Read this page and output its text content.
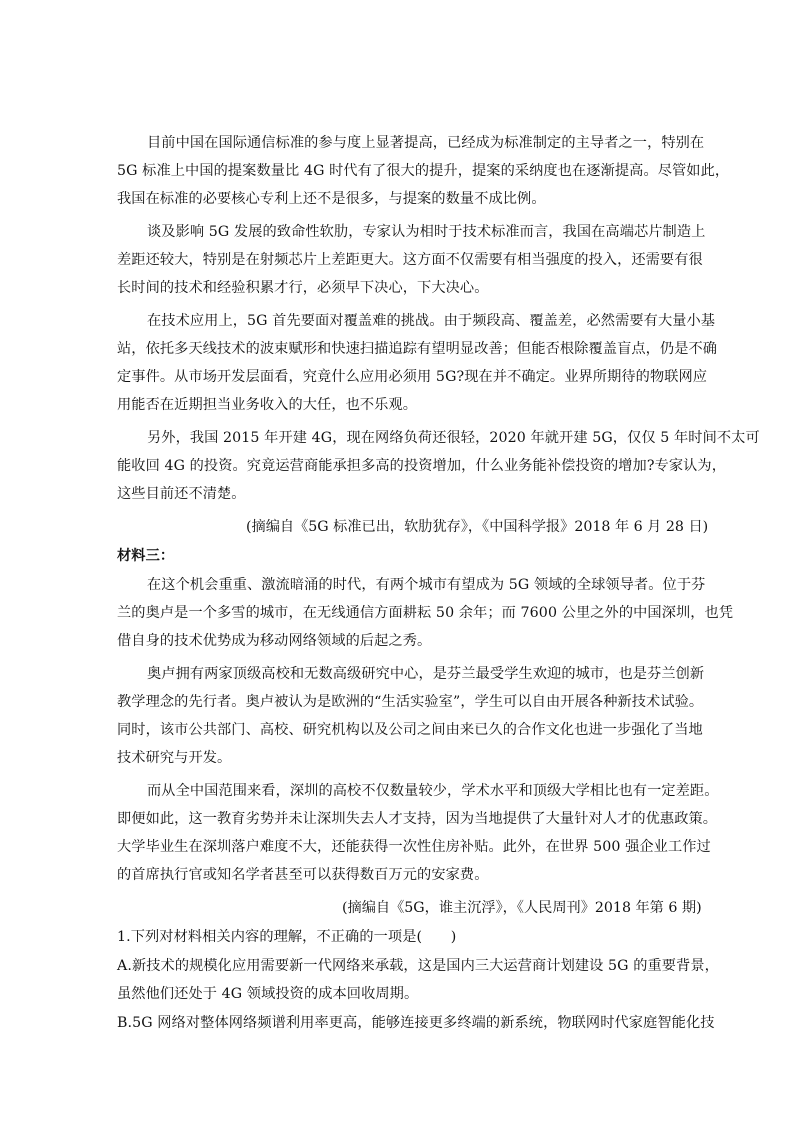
目前中国在国际通信标准的参与度上显著提高，已经成为标准制定的主导者之一，特别在

5G 标准上中国的提案数量比 4G 时代有了很大的提升，提案的采纳度也在逐渐提高。尽管如此，

我国在标准的必要核心专利上还不是很多，与提案的数量不成比例。

谈及影响 5G 发展的致命性软肋，专家认为相时于技术标准而言，我国在高端芯片制造上

差距还较大，特别是在射频芯片上差距更大。这方面不仅需要有相当强度的投入，还需要有很

长时间的技术和经验积累才行，必须早下决心，下大决心。

在技术应用上，5G 首先要面对覆盖难的挑战。由于频段高、覆盖差，必然需要有大量小基

站，依托多天线技术的波束赋形和快速扫描追踪有望明显改善；但能否根除覆盖盲点，仍是不确

定事件。从市场开发层面看，究竟什么应用必须用 5G?现在并不确定。业界所期待的物联网应

用能否在近期担当业务收入的大任，也不乐观。

另外，我国 2015 年开建 4G，现在网络负荷还很轻，2020 年就开建 5G，仅仅 5 年时间不太可

能收回 4G 的投资。究竟运营商能承担多高的投资增加，什么业务能补偿投资的增加?专家认为，

这些目前还不清楚。

(摘编自《5G 标准已出，软肋犹存》，《中国科学报》2018 年 6 月 28 日)

材料三：

在这个机会重重、激流暗涌的时代，有两个城市有望成为 5G 领域的全球领导者。位于芬

兰的奥卢是一个多雪的城市，在无线通信方面耕耘 50 余年；而 7600 公里之外的中国深圳，也凭

借自身的技术优势成为移动网络领域的后起之秀。

奥卢拥有两家顶级高校和无数高级研究中心，是芬兰最受学生欢迎的城市，也是芬兰创新

教学理念的先行者。奥卢被认为是欧洲的“生活实验室”，学生可以自由开展各种新技术试验。

同时，该市公共部门、高校、研究机构以及公司之间由来已久的合作文化也进一步强化了当地

技术研究与开发。

而从全中国范围来看，深圳的高校不仅数量较少，学术水平和顶级大学相比也有一定差距。

即便如此，这一教育劣势并未让深圳失去人才支持，因为当地提供了大量针对人才的优惠政策。

大学毕业生在深圳落户难度不大，还能获得一次性住房补贴。此外，在世界 500 强企业工作过

的首席执行官或知名学者甚至可以获得数百万元的安家费。

(摘编自《5G，谁主沉浮》，《人民周刊》2018 年第 6 期)

1.下列对材料相关内容的理解，不正确的一项是(　　)

A.新技术的规模化应用需要新一代网络来承载，这是国内三大运营商计划建设 5G 的重要背景，

虽然他们还处于 4G 领域投资的成本回收周期。

B.5G 网络对整体网络频谱利用率更高，能够连接更多终端的新系统，物联网时代家庭智能化技
